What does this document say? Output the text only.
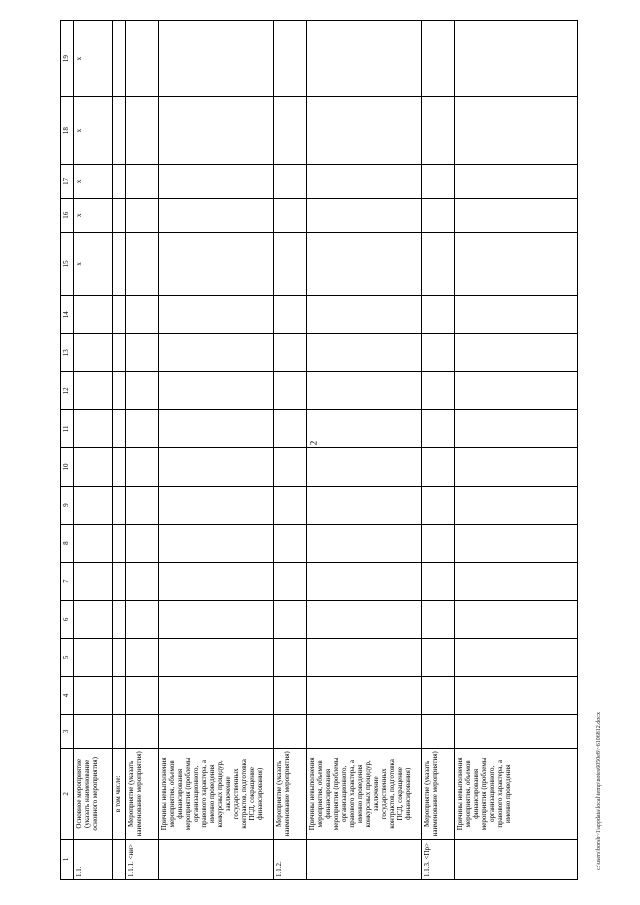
2
1	2	3	4	5	6	7	8	9	10	11	12	13	14	15	16	17	18	19
1.1.	Основное мероприятие (указать наименование основного мероприятия)													x	x	x	x	x
	в том числе:																	
1.1.1. <ни>	Мероприятие (указать наименование мероприятия)																	
	Причины невыполнения мероприятия, объемов финансирования мероприятия (проблемы организационного, правового характера, а именно проведения конкурсных процедур, заключение государственных контрактов, подготовка ПСД, сокращение финансирования)																	
1.1.2.	Мероприятие (указать наименование мероприятия)																	
	Причины невыполнения мероприятия, объемов финансирования мероприятия (проблемы организационного, правового характера, а именно проведения конкурсных процедур, заключение государственных контрактов, подготовка ПСД, сокращение финансирования)																	
1.1.3. <Пр>	Мероприятие (указать наименование мероприятия)																	
	Причины невыполнения мероприятия, объемов финансирования мероприятия (проблемы организационного, правового характера, а именно проведения																		c:\users\borsh~1\appdata\local\temp\notes6050e8\~6106812.docx
